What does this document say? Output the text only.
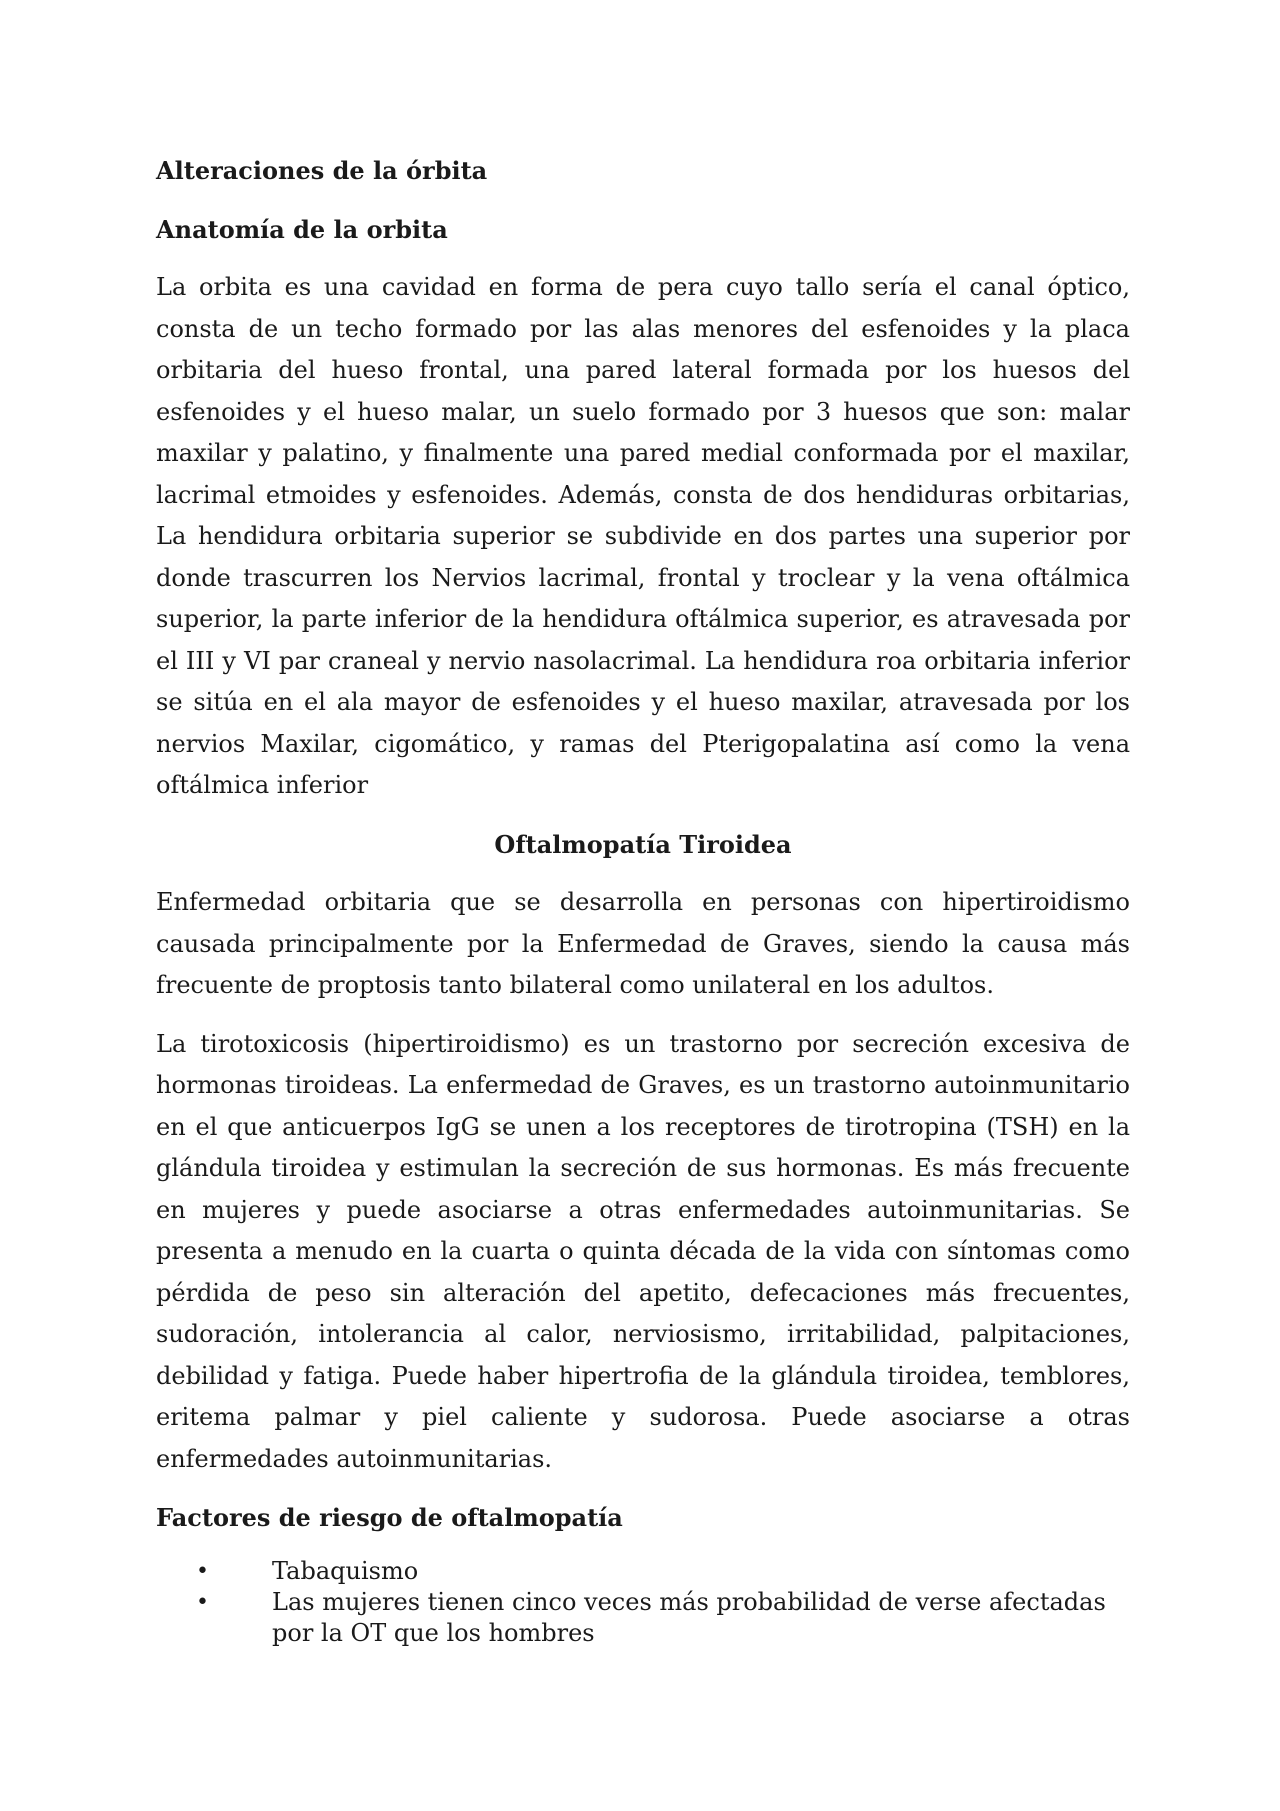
Alteraciones de la órbita
Anatomía de la orbita
La orbita es una cavidad en forma de pera cuyo tallo sería el canal óptico, consta de un techo formado por las alas menores del esfenoides y la placa orbitaria del hueso frontal, una pared lateral formada por los huesos del esfenoides y el hueso malar, un suelo formado por 3 huesos que son: malar maxilar y palatino, y finalmente una pared medial conformada por el maxilar, lacrimal etmoides y esfenoides. Además, consta de dos hendiduras orbitarias, La hendidura orbitaria superior se subdivide en dos partes una superior por donde trascurren los Nervios lacrimal, frontal y troclear y la vena oftálmica superior, la parte inferior de la hendidura oftálmica superior, es atravesada por el III y VI par craneal y nervio nasolacrimal. La hendidura roa orbitaria inferior se sitúa en el ala mayor de esfenoides y el hueso maxilar, atravesada por los nervios Maxilar, cigomático, y ramas del Pterigopalatina así como la vena oftálmica inferior
Oftalmopatía Tiroidea
Enfermedad orbitaria que se desarrolla en personas con hipertiroidismo causada principalmente por la Enfermedad de Graves, siendo la causa más frecuente de proptosis tanto bilateral como unilateral en los adultos.
La tirotoxicosis (hipertiroidismo) es un trastorno por secreción excesiva de hormonas tiroideas. La enfermedad de Graves, es un trastorno autoinmunitario en el que anticuerpos IgG se unen a los receptores de tirotropina (TSH) en la glándula tiroidea y estimulan la secreción de sus hormonas. Es más frecuente en mujeres y puede asociarse a otras enfermedades autoinmunitarias. Se presenta a menudo en la cuarta o quinta década de la vida con síntomas como pérdida de peso sin alteración del apetito, defecaciones más frecuentes, sudoración, intolerancia al calor, nerviosismo, irritabilidad, palpitaciones, debilidad y fatiga. Puede haber hipertrofia de la glándula tiroidea, temblores, eritema palmar y piel caliente y sudorosa. Puede asociarse a otras enfermedades autoinmunitarias.
Factores de riesgo de oftalmopatía
•	Tabaquismo
•	Las mujeres tienen cinco veces más probabilidad de verse afectadas por la OT que los hombres
